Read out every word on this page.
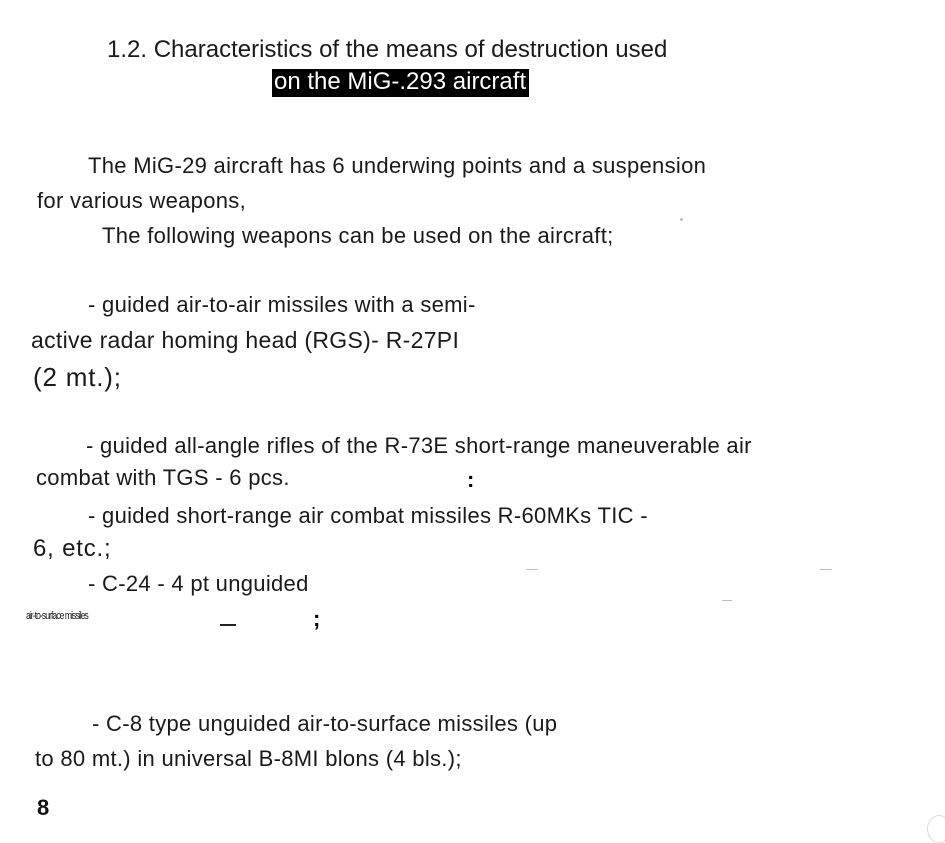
1.2. Characteristics of the means of destruction used
on the MiG-.293 aircraft
The MiG-29 aircraft has 6 underwing points and a suspension
for various weapons,
The following weapons can be used on the aircraft;
- guided air-to-air missiles with a semi-
active radar homing head (RGS)- R-27PI
(2 mt.);
- guided all-angle rifles of the R-73E short-range maneuverable air
combat with TGS - 6 pcs.	:
- guided short-range air combat missiles R-60MKs TIC -
6, etc.;
- C-24 - 4 pt unguided
air-to-surface missiles	;
- C-8 type unguided air-to-surface missiles (up
to 80 mt.) in universal B-8MI blons (4 bls.);
8
